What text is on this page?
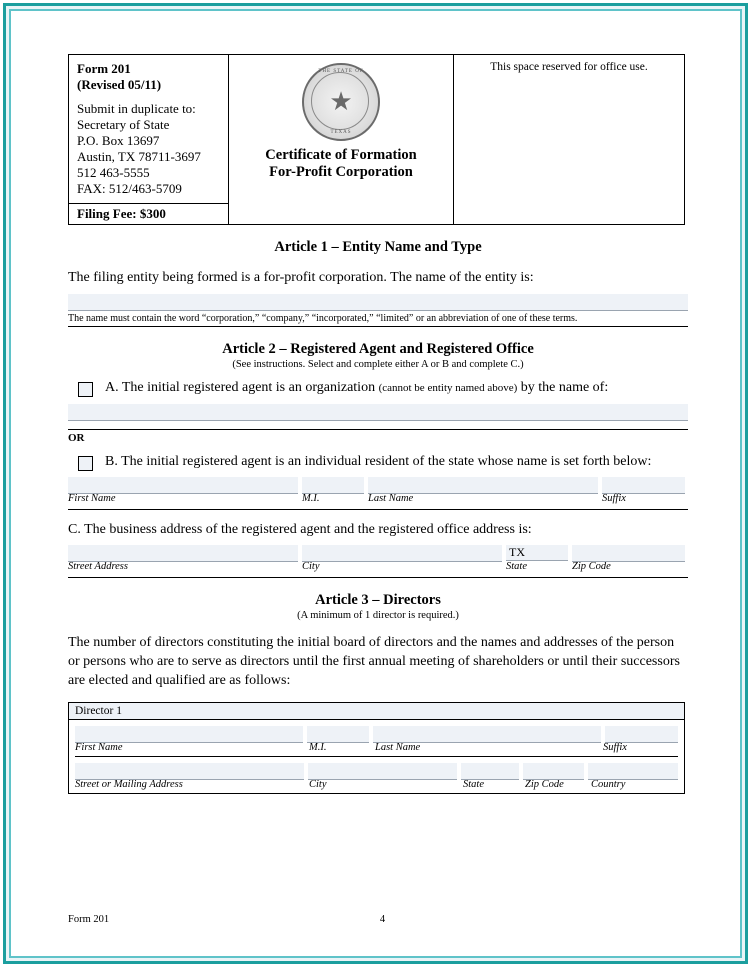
Form 201
(Revised 05/11)
Submit in duplicate to:
Secretary of State
P.O. Box 13697
Austin, TX 78711-3697
512 463-5555
FAX: 512/463-5709
Filing Fee: $300
THE STATE OF
★
TEXAS
Certificate of Formation
For-Profit Corporation
This space reserved for office use.
Article 1 – Entity Name and Type
The filing entity being formed is a for-profit corporation. The name of the entity is:
The name must contain the word “corporation,” “company,” “incorporated,” “limited” or an abbreviation of one of these terms.
Article 2 – Registered Agent and Registered Office
(See instructions. Select and complete either A or B and complete C.)
A. The initial registered agent is an organization (cannot be entity named above) by the name of:
OR
B. The initial registered agent is an individual resident of the state whose name is set forth below:
First Name	M.I.	Last Name	Suffix
C. The business address of the registered agent and the registered office address is:
TX
Street Address	City	State	Zip Code
Article 3 – Directors
(A minimum of 1 director is required.)
The number of directors constituting the initial board of directors and the names and addresses of the person or persons who are to serve as directors until the first annual meeting of shareholders or until their successors are elected and qualified are as follows:
Director 1
First Name	M.I.	Last Name	Suffix
Street or Mailing Address	City	State	Zip Code	Country
Form 201	4
